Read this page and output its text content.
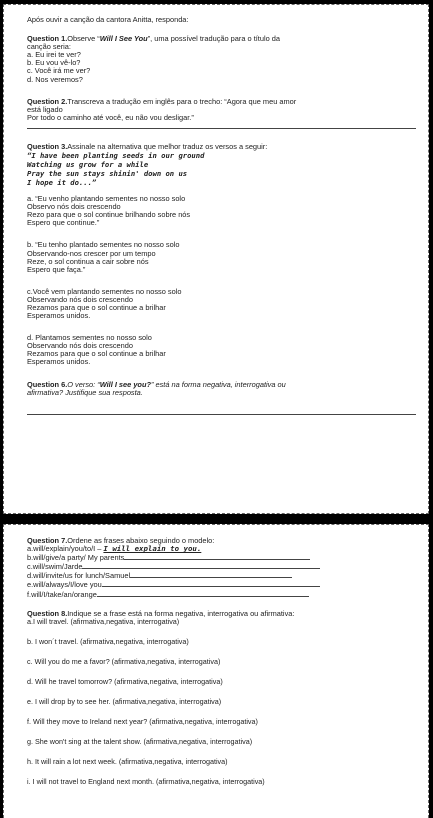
Após ouvir a canção da cantora Anitta, responda:
Question 1.Observe “Will I See You”, uma possível tradução para o título da
canção seria:
a. Eu irei te ver?
b. Eu vou vê-lo?
c. Você irá me ver?
d. Nos veremos?
Question 2.Transcreva a tradução em inglês para o trecho: “Agora que meu amor
está ligado
Por todo o caminho até você, eu não vou desligar.”
Question 3.Assinale na alternativa que melhor traduz os versos a seguir:
“I have been planting seeds in our ground
Watching us grow for a while
Pray the sun stays shinin' down on us
I hope it do...”
a. “Eu venho plantando sementes no nosso solo
Observo nós dois crescendo
Rezo para que o sol continue brilhando sobre nós
Espero que continue.”
b. “Eu tenho plantado sementes no nosso solo
Observando-nos crescer por um tempo
Reze, o sol continua a cair sobre nós
Espero que faça.”
c.Você vem plantando sementes no nosso solo
Observando nós dois crescendo
Rezamos para que o sol continue a brilhar
Esperamos unidos.
d. Plantamos sementes no nosso solo
Observando nós dois crescendo
Rezamos para que o sol continue a brilhar
Esperamos unidos.
Question 6.O verso: “Will I see you?” está na forma negativa, interrogativa ou
afirmativa? Justifique sua resposta.
Question 7.Ordene as frases abaixo seguindo o modelo:
a.will/explain/you/to/I – I will explain to you.
b.will/give/a party/ My parents
c.will/swim/Jarde
d.will/invite/us for lunch/Samuel
e.will/always/I/love you
f.will/I/take/an/orange
Question 8.Indique se a frase está na forma negativa, interrogativa ou afirmativa:
a.I will travel. (afirmativa,negativa, interrogativa)
b. I won´t travel. (afirmativa,negativa, interrogativa)
c. Will you do me a favor? (afirmativa,negativa, interrogativa)
d. Will he travel tomorrow? (afirmativa,negativa, interrogativa)
e. I will drop by to see her. (afirmativa,negativa, interrogativa)
f. Will they move to Ireland next year? (afirmativa,negativa, interrogativa)
g. She won't sing at the talent show. (afirmativa,negativa, interrogativa)
h. It will rain a lot next week. (afirmativa,negativa, interrogativa)
i. I will not travel to England next month. (afirmativa,negativa, interrogativa)
